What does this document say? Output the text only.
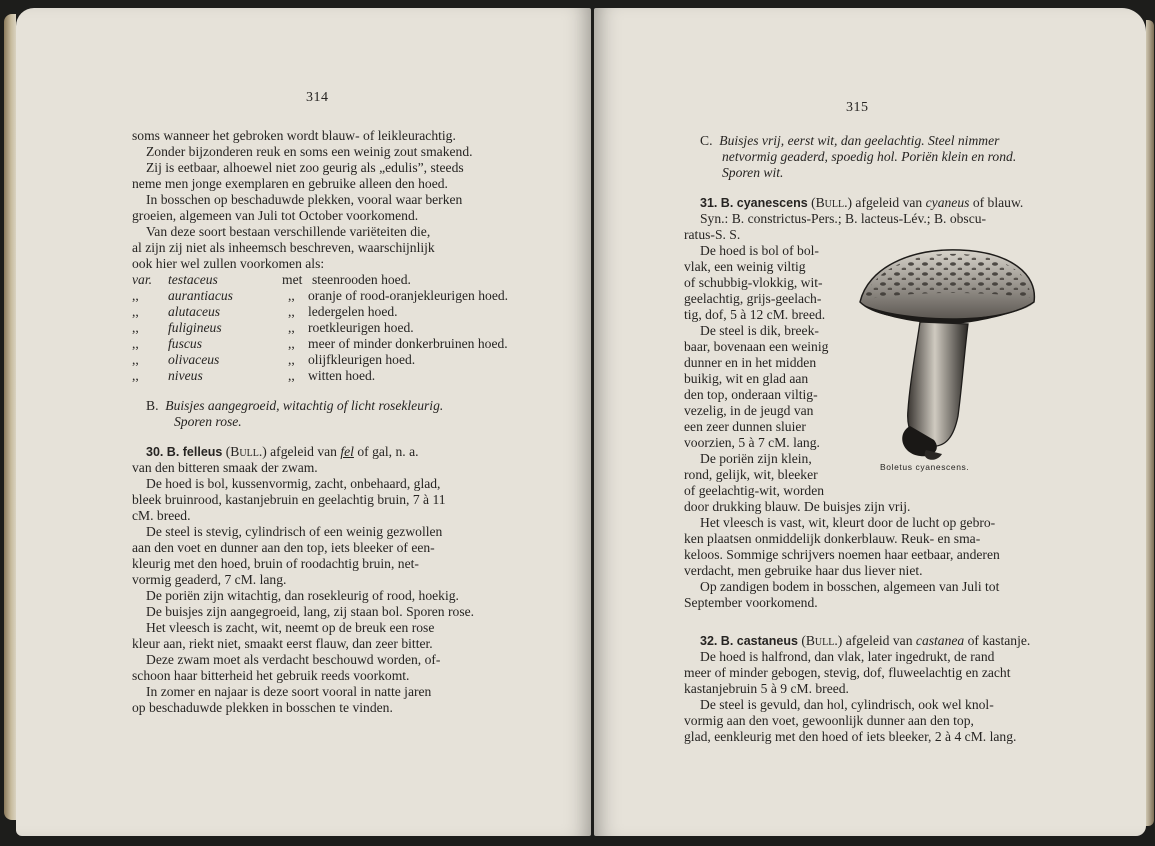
314
soms wanneer het gebroken wordt blauw- of leikleurachtig.
Zonder bijzonderen reuk en soms een weinig zout smakend.
Zij is eetbaar, alhoewel niet zoo geurig als „edulis”, steeds
neme men jonge exemplaren en gebruike alleen den hoed.
In bosschen op beschaduwde plekken, vooral waar berken
groeien, algemeen van Juli tot October voorkomend.
Van deze soort bestaan verschillende variëteiten die,
al zijn zij niet als inheemsch beschreven, waarschijnlijk
ook hier wel zullen voorkomen als:
var. testaceus	met steenrooden hoed.
,, aurantiacus	,, oranje of rood-oranjekleurigen hoed.
,, alutaceus	,, ledergelen hoed.
,, fuligineus	,, roetkleurigen hoed.
,, fuscus	,, meer of minder donkerbruinen hoed.
,, olivaceus	,, olijfkleurigen hoed.
,, niveus	,, witten hoed.
B. Buisjes aangegroeid, witachtig of licht rosekleurig.
Sporen rose.
30. B. felleus (Bull.) afgeleid van fel of gal, n. a.
van den bitteren smaak der zwam.
De hoed is bol, kussenvormig, zacht, onbehaard, glad,
bleek bruinrood, kastanjebruin en geelachtig bruin, 7 à 11
cM. breed.
De steel is stevig, cylindrisch of een weinig gezwollen
aan den voet en dunner aan den top, iets bleeker of een-
kleurig met den hoed, bruin of roodachtig bruin, net-
vormig geaderd, 7 cM. lang.
De poriën zijn witachtig, dan rosekleurig of rood, hoekig.
De buisjes zijn aangegroeid, lang, zij staan bol. Sporen rose.
Het vleesch is zacht, wit, neemt op de breuk een rose
kleur aan, riekt niet, smaakt eerst flauw, dan zeer bitter.
Deze zwam moet als verdacht beschouwd worden, of-
schoon haar bitterheid het gebruik reeds voorkomt.
In zomer en najaar is deze soort vooral in natte jaren
op beschaduwde plekken in bosschen te vinden.
315
C. Buisjes vrij, eerst wit, dan geelachtig. Steel nimmer
netvormig geaderd, spoedig hol. Poriën klein en rond.
Sporen wit.
31. B. cyanescens (Bull.) afgeleid van cyaneus of blauw.
Syn.: B. constrictus-Pers.; B. lacteus-Lév.; B. obscu-
ratus-S. S.
De hoed is bol of bol-
vlak, een weinig viltig
of schubbig-vlokkig, wit-
geelachtig, grijs-geelach-
tig, dof, 5 à 12 cM. breed.
De steel is dik, breek-
baar, bovenaan een weinig
dunner en in het midden
buikig, wit en glad aan
den top, onderaan viltig-
vezelig, in de jeugd van
een zeer dunnen sluier
voorzien, 5 à 7 cM. lang.
De poriën zijn klein,
rond, gelijk, wit, bleeker
of geelachtig-wit, worden
door drukking blauw. De buisjes zijn vrij.
Het vleesch is vast, wit, kleurt door de lucht op gebro-
ken plaatsen onmiddelijk donkerblauw. Reuk- en sma-
keloos. Sommige schrijvers noemen haar eetbaar, anderen
verdacht, men gebruike haar dus liever niet.
Op zandigen bodem in bosschen, algemeen van Juli tot
September voorkomend.
32. B. castaneus (Bull.) afgeleid van castanea of kastanje.
De hoed is halfrond, dan vlak, later ingedrukt, de rand
meer of minder gebogen, stevig, dof, fluweelachtig en zacht
kastanjebruin 5 à 9 cM. breed.
De steel is gevuld, dan hol, cylindrisch, ook wel knol-
vormig aan den voet, gewoonlijk dunner aan den top,
glad, eenkleurig met den hoed of iets bleeker, 2 à 4 cM. lang.
Boletus cyanescens.
